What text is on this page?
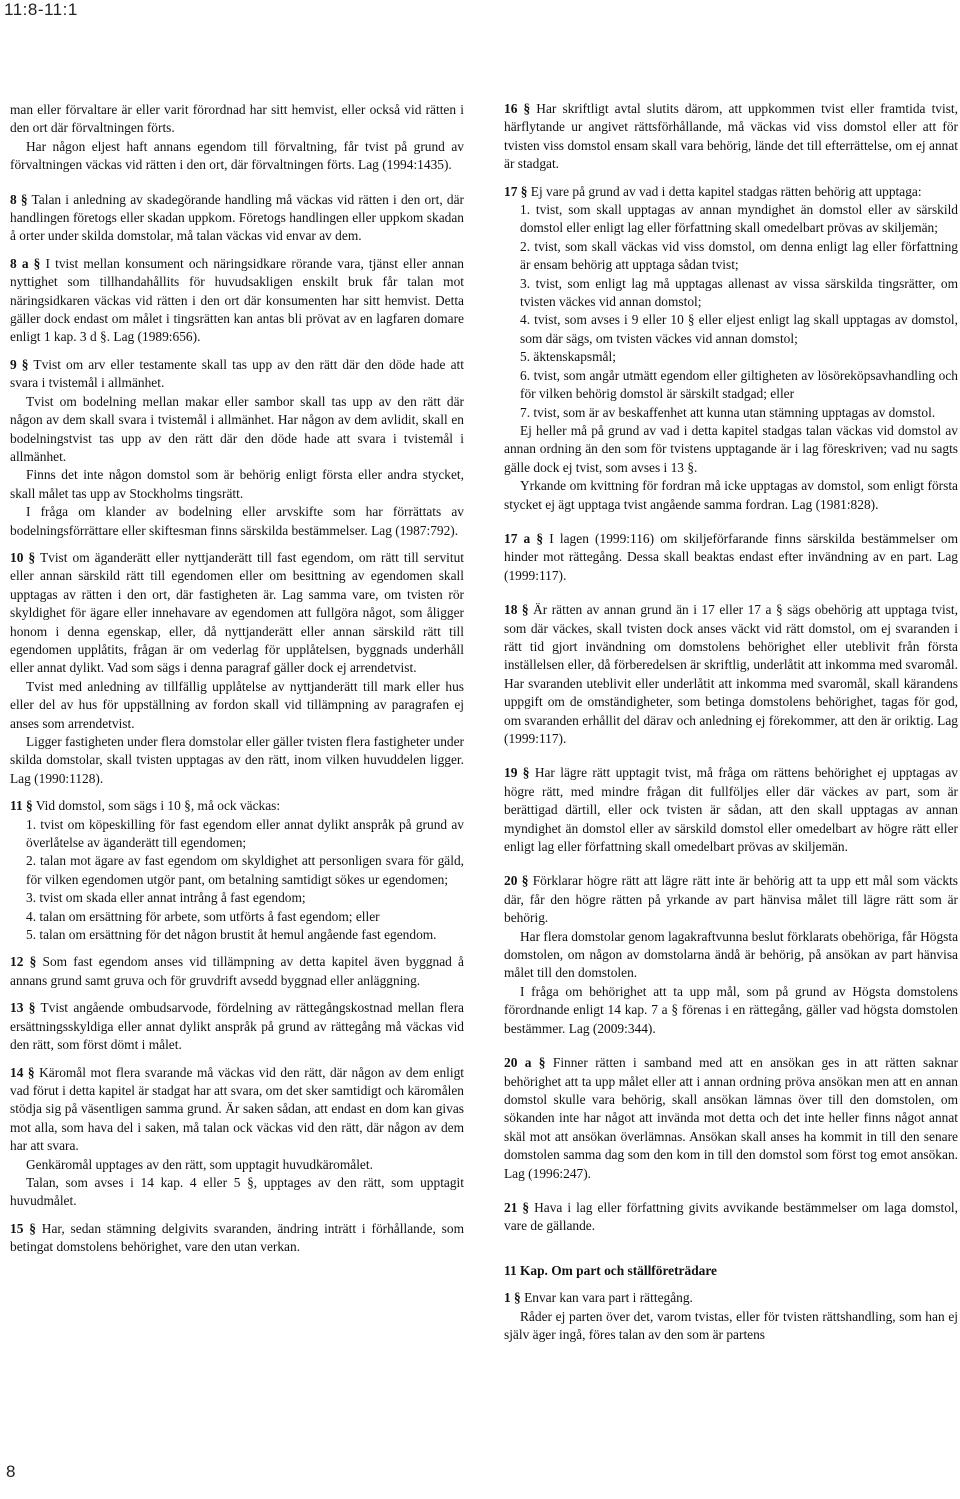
11:8-11:1

man eller förvaltare är eller varit förordnad har sitt hemvist, eller också vid rätten i den ort där förvaltningen förts.

Har någon eljest haft annans egendom till förvaltning, får tvist på grund av förvaltningen väckas vid rätten i den ort, där förvaltningen förts. Lag (1994:1435).

8 § Talan i anledning av skadegörande handling må väckas vid rätten i den ort, där handlingen företogs eller skadan uppkom. Företogs handlingen eller uppkom skadan å orter under skilda domstolar, må talan väckas vid envar av dem.

8 a § I tvist mellan konsument och näringsidkare rörande vara, tjänst eller annan nyttighet som tillhandahållits för huvudsakligen enskilt bruk får talan mot näringsidkaren väckas vid rätten i den ort där konsumenten har sitt hemvist. Detta gäller dock endast om målet i tingsrätten kan antas bli prövat av en lagfaren domare enligt 1 kap. 3 d §. Lag (1989:656).

9 § Tvist om arv eller testamente skall tas upp av den rätt där den döde hade att svara i tvistemål i allmänhet.

Tvist om bodelning mellan makar eller sambor skall tas upp av den rätt där någon av dem skall svara i tvistemål i allmänhet. Har någon av dem avlidit, skall en bodelningstvist tas upp av den rätt där den döde hade att svara i tvistemål i allmänhet.

Finns det inte någon domstol som är behörig enligt första eller andra stycket, skall målet tas upp av Stockholms tingsrätt.

I fråga om klander av bodelning eller arvskifte som har förrättats av bodelningsförrättare eller skiftesman finns särskilda bestämmelser. Lag (1987:792).

10 § Tvist om äganderätt eller nyttjanderätt till fast egendom, om rätt till servitut eller annan särskild rätt till egendomen eller om besittning av egendomen skall upptagas av rätten i den ort, där fastigheten är. Lag samma vare, om tvisten rör skyldighet för ägare eller innehavare av egendomen att fullgöra något, som åligger honom i denna egenskap, eller, då nyttjanderätt eller annan särskild rätt till egendomen upplåtits, frågan är om vederlag för upplåtelsen, byggnads underhåll eller annat dylikt. Vad som sägs i denna paragraf gäller dock ej arrendetvist.

Tvist med anledning av tillfällig upplåtelse av nyttjanderätt till mark eller hus eller del av hus för uppställning av fordon skall vid tillämpning av paragrafen ej anses som arrendetvist.

Ligger fastigheten under flera domstolar eller gäller tvisten flera fastigheter under skilda domstolar, skall tvisten upptagas av den rätt, inom vilken huvuddelen ligger. Lag (1990:1128).

11 § Vid domstol, som sägs i 10 §, må ock väckas:

1. tvist om köpeskilling för fast egendom eller annat dylikt anspråk på grund av överlåtelse av äganderätt till egendomen;

2. talan mot ägare av fast egendom om skyldighet att personligen svara för gäld, för vilken egendomen utgör pant, om betalning samtidigt sökes ur egendomen;

3. tvist om skada eller annat intrång å fast egendom;

4. talan om ersättning för arbete, som utförts å fast egendom; eller

5. talan om ersättning för det någon brustit åt hemul angående fast egendom.

12 § Som fast egendom anses vid tillämpning av detta kapitel även byggnad å annans grund samt gruva och för gruvdrift avsedd byggnad eller anläggning.

13 § Tvist angående ombudsarvode, fördelning av rättegångskostnad mellan flera ersättningsskyldiga eller annat dylikt anspråk på grund av rättegång må väckas vid den rätt, som först dömt i målet.

14 § Käromål mot flera svarande må väckas vid den rätt, där någon av dem enligt vad förut i detta kapitel är stadgat har att svara, om det sker samtidigt och käromålen stödja sig på väsentligen samma grund. Är saken sådan, att endast en dom kan givas mot alla, som hava del i saken, må talan ock väckas vid den rätt, där någon av dem har att svara.

Genkäromål upptages av den rätt, som upptagit huvudkäromålet.

Talan, som avses i 14 kap. 4 eller 5 §, upptages av den rätt, som upptagit huvudmålet.

15 § Har, sedan stämning delgivits svaranden, ändring inträtt i förhållande, som betingat domstolens behörighet, vare den utan verkan.

16 § Har skriftligt avtal slutits därom, att uppkommen tvist eller framtida tvist, härflytande ur angivet rättsförhållande, må väckas vid viss domstol eller att för tvisten viss domstol ensam skall vara behörig, lände det till efterrättelse, om ej annat är stadgat.

17 § Ej vare på grund av vad i detta kapitel stadgas rätten behörig att upptaga:

1. tvist, som skall upptagas av annan myndighet än domstol eller av särskild domstol eller enligt lag eller författning skall omedelbart prövas av skiljemän;

2. tvist, som skall väckas vid viss domstol, om denna enligt lag eller författning är ensam behörig att upptaga sådan tvist;

3. tvist, som enligt lag må upptagas allenast av vissa särskilda tingsrätter, om tvisten väckes vid annan domstol;

4. tvist, som avses i 9 eller 10 § eller eljest enligt lag skall upptagas av domstol, som där sägs, om tvisten väckes vid annan domstol;

5. äktenskapsmål;

6. tvist, som angår utmätt egendom eller giltigheten av lösöreköpsavhandling och för vilken behörig domstol är särskilt stadgad; eller

7. tvist, som är av beskaffenhet att kunna utan stämning upptagas av domstol.

Ej heller må på grund av vad i detta kapitel stadgas talan väckas vid domstol av annan ordning än den som för tvistens upptagande är i lag föreskriven; vad nu sagts gälle dock ej tvist, som avses i 13 §.

Yrkande om kvittning för fordran må icke upptagas av domstol, som enligt första stycket ej ägt upptaga tvist angående samma fordran. Lag (1981:828).

17 a § I lagen (1999:116) om skiljeförfarande finns särskilda bestämmelser om hinder mot rättegång. Dessa skall beaktas endast efter invändning av en part. Lag (1999:117).

18 § Är rätten av annan grund än i 17 eller 17 a § sägs obehörig att upptaga tvist, som där väckes, skall tvisten dock anses väckt vid rätt domstol, om ej svaranden i rätt tid gjort invändning om domstolens behörighet eller uteblivit från första inställelsen eller, då förberedelsen är skriftlig, underlåtit att inkomma med svaromål. Har svaranden uteblivit eller underlåtit att inkomma med svaromål, skall kärandens uppgift om de omständigheter, som betinga domstolens behörighet, tagas för god, om svaranden erhållit del därav och anledning ej förekommer, att den är oriktig. Lag (1999:117).

19 § Har lägre rätt upptagit tvist, må fråga om rättens behörighet ej upptagas av högre rätt, med mindre frågan dit fullföljes eller där väckes av part, som är berättigad därtill, eller ock tvisten är sådan, att den skall upptagas av annan myndighet än domstol eller av särskild domstol eller omedelbart av högre rätt eller enligt lag eller författning skall omedelbart prövas av skiljemän.

20 § Förklarar högre rätt att lägre rätt inte är behörig att ta upp ett mål som väckts där, får den högre rätten på yrkande av part hänvisa målet till lägre rätt som är behörig.

Har flera domstolar genom lagakraftvunna beslut förklarats obehöriga, får Högsta domstolen, om någon av domstolarna ändå är behörig, på ansökan av part hänvisa målet till den domstolen.

I fråga om behörighet att ta upp mål, som på grund av Högsta domstolens förordnande enligt 14 kap. 7 a § förenas i en rättegång, gäller vad högsta domstolen bestämmer. Lag (2009:344).

20 a § Finner rätten i samband med att en ansökan ges in att rätten saknar behörighet att ta upp målet eller att i annan ordning pröva ansökan men att en annan domstol skulle vara behörig, skall ansökan lämnas över till den domstolen, om sökanden inte har något att invända mot detta och det inte heller finns något annat skäl mot att ansökan överlämnas. Ansökan skall anses ha kommit in till den senare domstolen samma dag som den kom in till den domstol som först tog emot ansökan. Lag (1996:247).

21 § Hava i lag eller författning givits avvikande bestämmelser om laga domstol, vare de gällande.

11 Kap. Om part och ställföreträdare

1 § Envar kan vara part i rättegång.

Råder ej parten över det, varom tvistas, eller för tvisten rättshandling, som han ej själv äger ingå, föres talan av den som är partens

8
